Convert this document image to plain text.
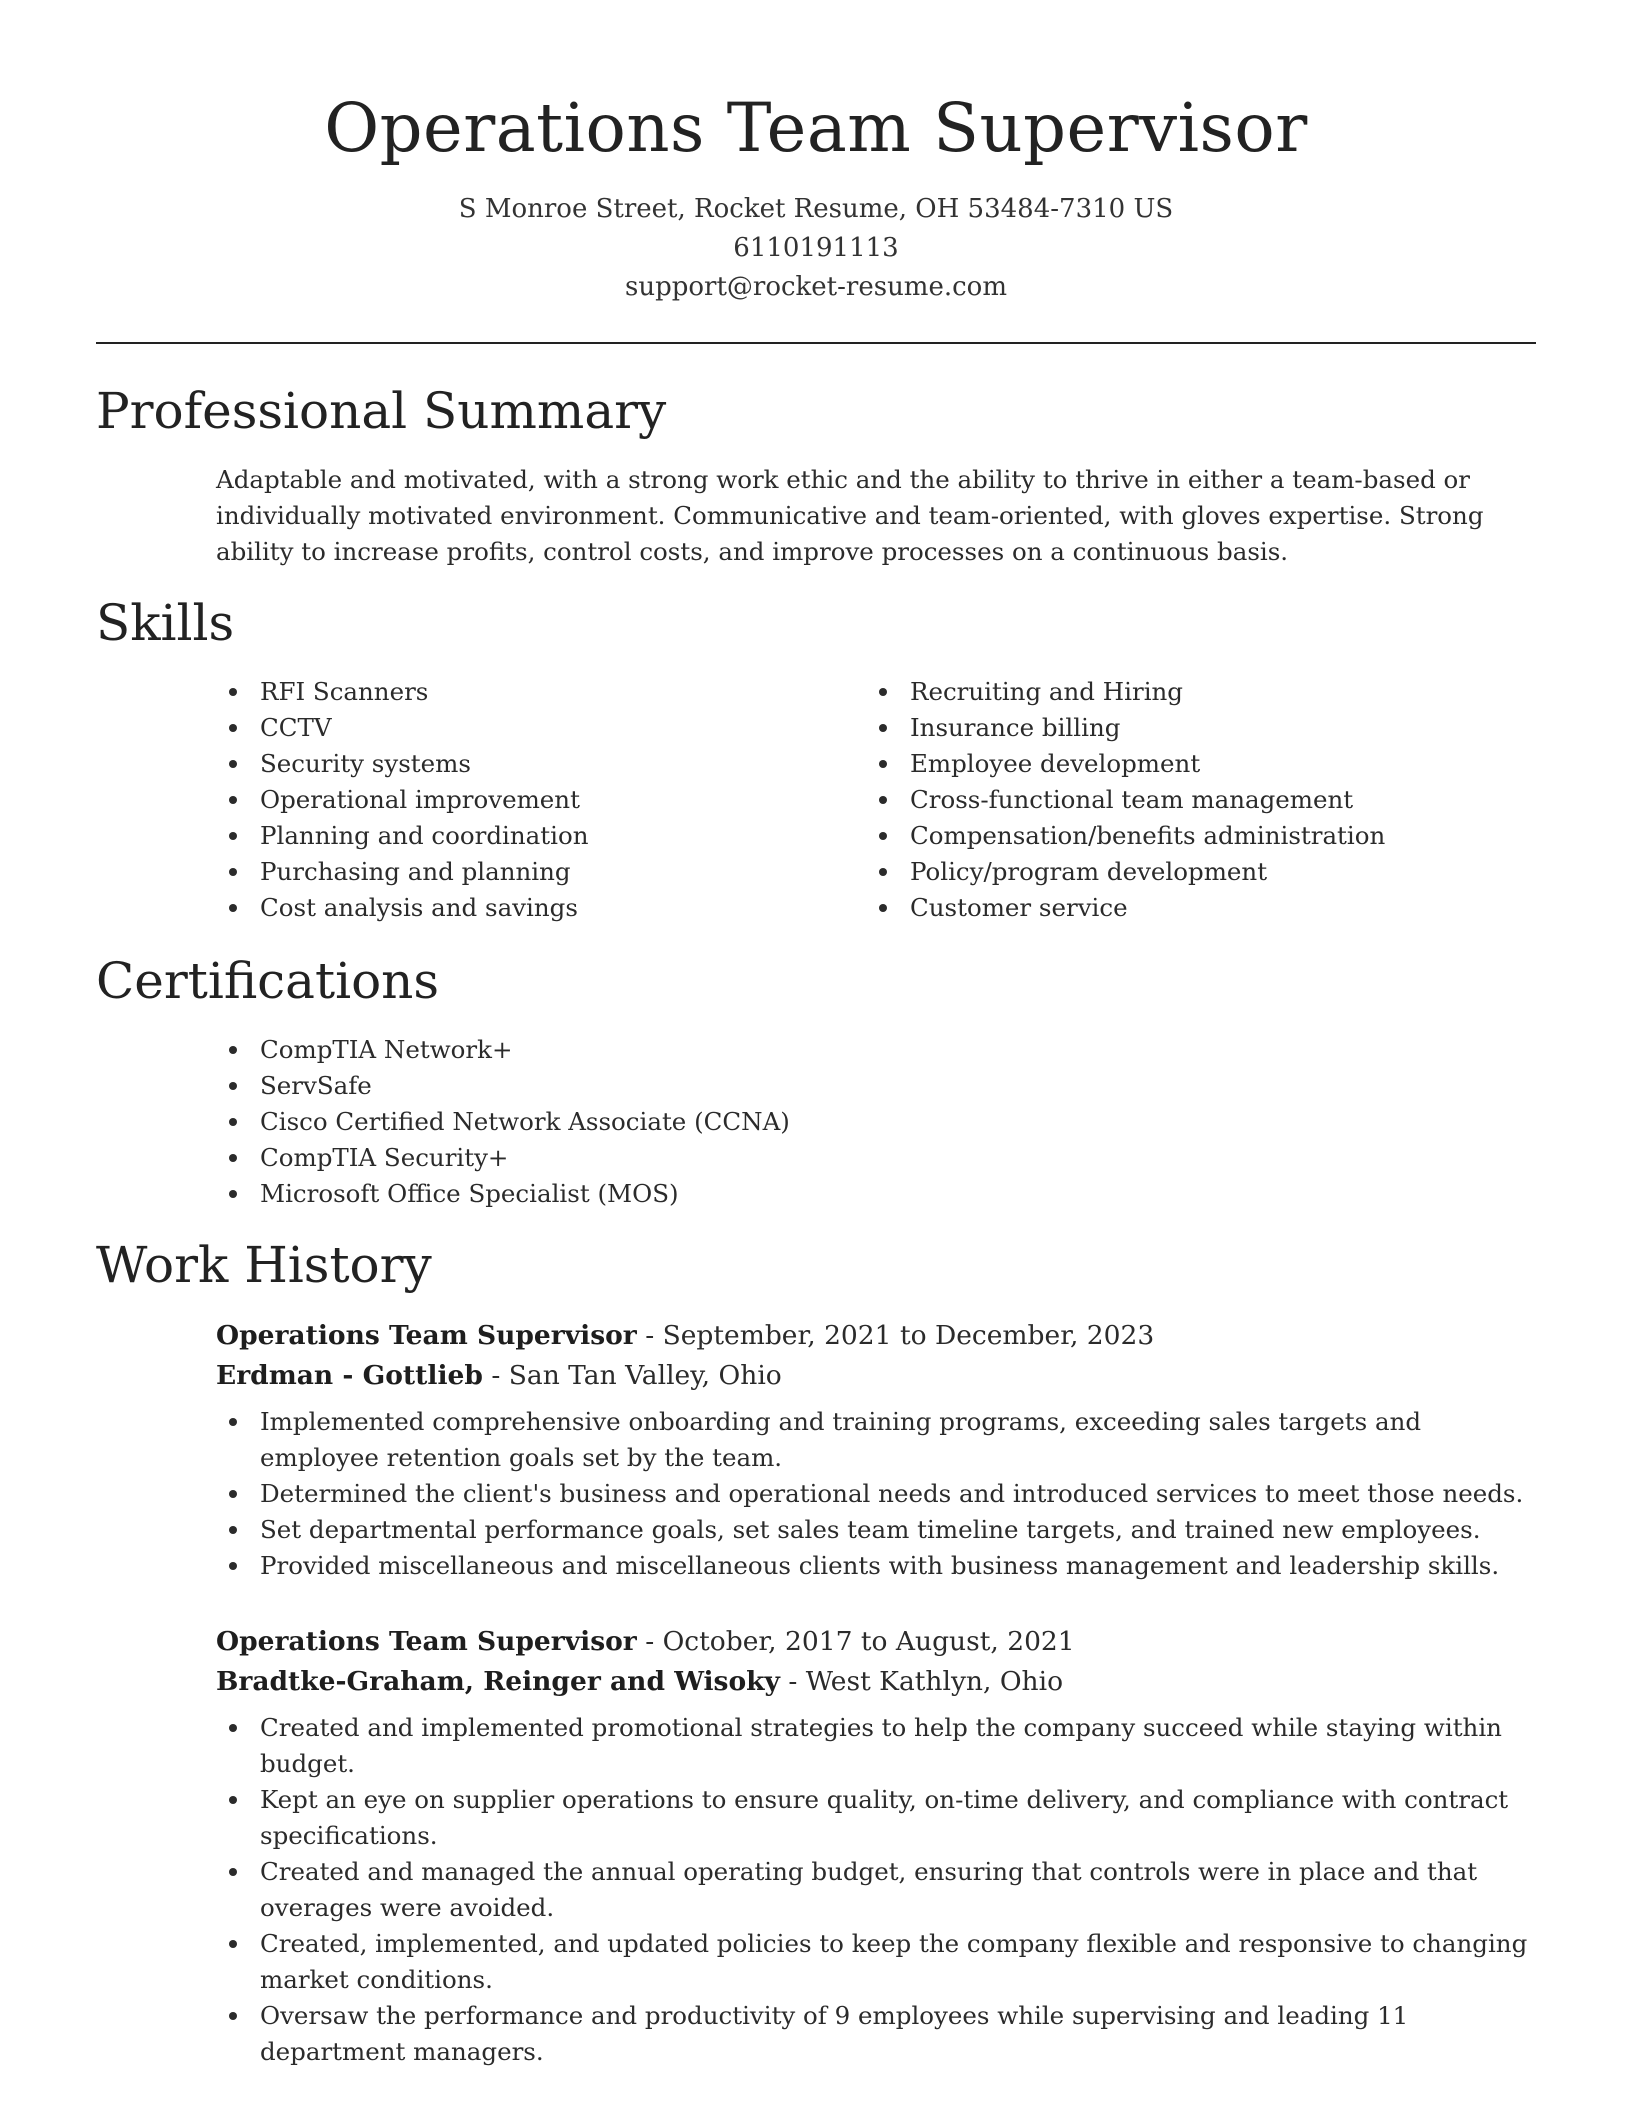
Operations Team Supervisor
S Monroe Street, Rocket Resume, OH 53484-7310 US
6110191113
support@rocket-resume.com
Professional Summary

Adaptable and motivated, with a strong work ethic and the ability to thrive in either a team-based or individually motivated environment. Communicative and team-oriented, with gloves expertise. Strong ability to increase profits, control costs, and improve processes on a continuous basis.

Skills
RFI Scanners
CCTV
Security systems
Operational improvement
Planning and coordination
Purchasing and planning
Cost analysis and savings
Recruiting and Hiring
Insurance billing
Employee development
Cross-functional team management
Compensation/benefits administration
Policy/program development
Customer service
Certifications
CompTIA Network+
ServSafe
Cisco Certified Network Associate (CCNA)
CompTIA Security+
Microsoft Office Specialist (MOS)
Work History
Operations Team Supervisor - September, 2021 to December, 2023
Erdman - Gottlieb - San Tan Valley, Ohio
Implemented comprehensive onboarding and training programs, exceeding sales targets and employee retention goals set by the team.
Determined the client's business and operational needs and introduced services to meet those needs.
Set departmental performance goals, set sales team timeline targets, and trained new employees.
Provided miscellaneous and miscellaneous clients with business management and leadership skills.
Operations Team Supervisor - October, 2017 to August, 2021
Bradtke-Graham, Reinger and Wisoky - West Kathlyn, Ohio
Created and implemented promotional strategies to help the company succeed while staying within budget.
Kept an eye on supplier operations to ensure quality, on-time delivery, and compliance with contract specifications.
Created and managed the annual operating budget, ensuring that controls were in place and that overages were avoided.
Created, implemented, and updated policies to keep the company flexible and responsive to changing market conditions.
Oversaw the performance and productivity of 9 employees while supervising and leading 11 department managers.
